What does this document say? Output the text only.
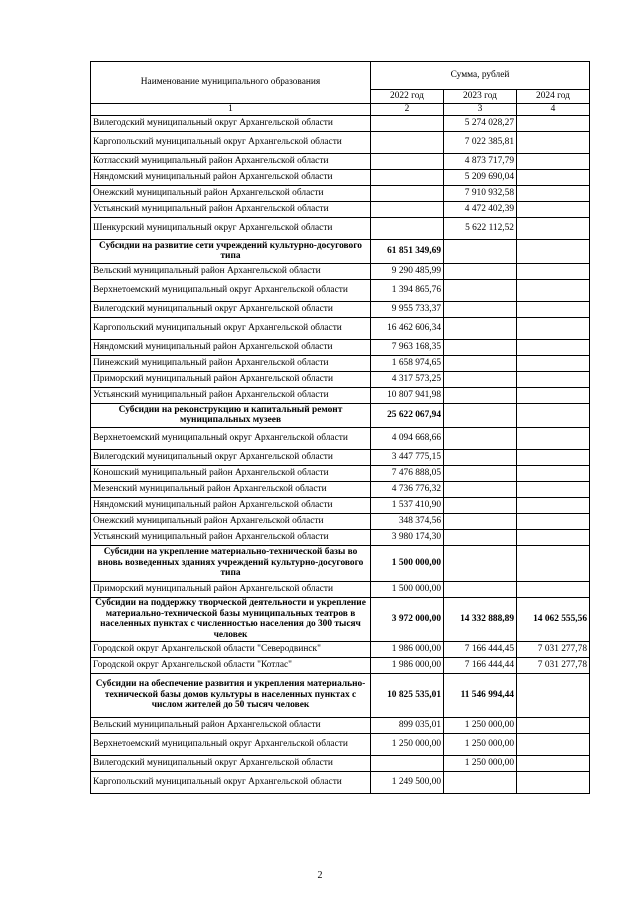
Наименование муниципального образования	Сумма, рублей		
	2022 год	2023 год	2024 год
1	2	3	4
Вилегодский муниципальный округ Архангельской области		5 274 028,27	
Каргопольский муниципальный округ Архангельской области		7 022 385,81	
Котласский муниципальный район Архангельской области		4 873 717,79	
Няндомский муниципальный район Архангельской области		5 209 690,04	
Онежский муниципальный район Архангельской области		7 910 932,58	
Устьянский муниципальный район Архангельской области		4 472 402,39	
Шенкурский муниципальный округ Архангельской области		5 622 112,52	
Субсидии на развитие сети учреждений культурно-досугового типа	61 851 349,69		
Вельский муниципальный район Архангельской области	9 290 485,99		
Верхнетоемский муниципальный округ Архангельской области	1 394 865,76		
Вилегодский муниципальный округ Архангельской области	9 955 733,37		
Каргопольский муниципальный округ Архангельской области	16 462 606,34		
Няндомский муниципальный район Архангельской области	7 963 168,35		
Пинежский муниципальный район Архангельской области	1 658 974,65		
Приморский муниципальный район Архангельской области	4 317 573,25		
Устьянский муниципальный район Архангельской области	10 807 941,98		
Субсидии на реконструкцию и капитальный ремонт муниципальных музеев	25 622 067,94		
Верхнетоемский муниципальный округ Архангельской области	4 094 668,66		
Вилегодский муниципальный округ Архангельской области	3 447 775,15		
Коношский муниципальный район Архангельской области	7 476 888,05		
Мезенский муниципальный район Архангельской области	4 736 776,32		
Няндомский муниципальный район Архангельской области	1 537 410,90		
Онежский муниципальный район Архангельской области	348 374,56		
Устьянский муниципальный район Архангельской области	3 980 174,30		
Субсидии на укрепление материально-технической базы во вновь возведенных зданиях учреждений культурно-досугового типа	1 500 000,00		
Приморский муниципальный район Архангельской области	1 500 000,00		
Субсидии на поддержку творческой деятельности и укрепление материально-технической базы муниципальных театров в населенных пунктах с численностью населения до 300 тысяч человек	3 972 000,00	14 332 888,89	14 062 555,56
Городской округ Архангельской области "Северодвинск"	1 986 000,00	7 166 444,45	7 031 277,78
Городской округ Архангельской области "Котлас"	1 986 000,00	7 166 444,44	7 031 277,78
Субсидии на обеспечение развития и укрепления материально-технической базы домов культуры в населенных пунктах с числом жителей до 50 тысяч человек	10 825 535,01	11 546 994,44	
Вельский муниципальный район Архангельской области	899 035,01	1 250 000,00	
Верхнетоемский муниципальный округ Архангельской области	1 250 000,00	1 250 000,00	
Вилегодский муниципальный округ Архангельской области		1 250 000,00	
Каргопольский муниципальный округ Архангельской области	1 249 500,00		
2
